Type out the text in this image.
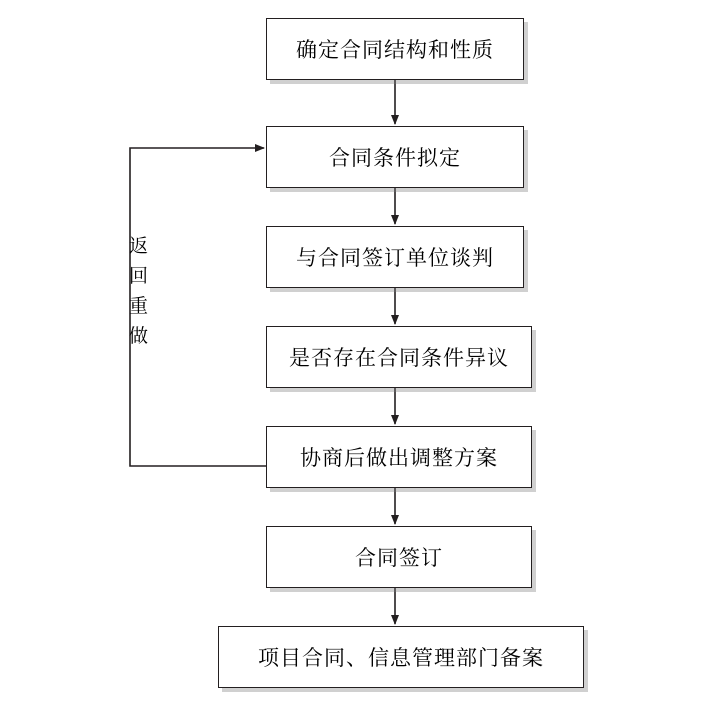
确定合同结构和性质
合同条件拟定
与合同签订单位谈判
是否存在合同条件异议
协商后做出调整方案
合同签订
项目合同、信息管理部门备案
返
回
重
做
